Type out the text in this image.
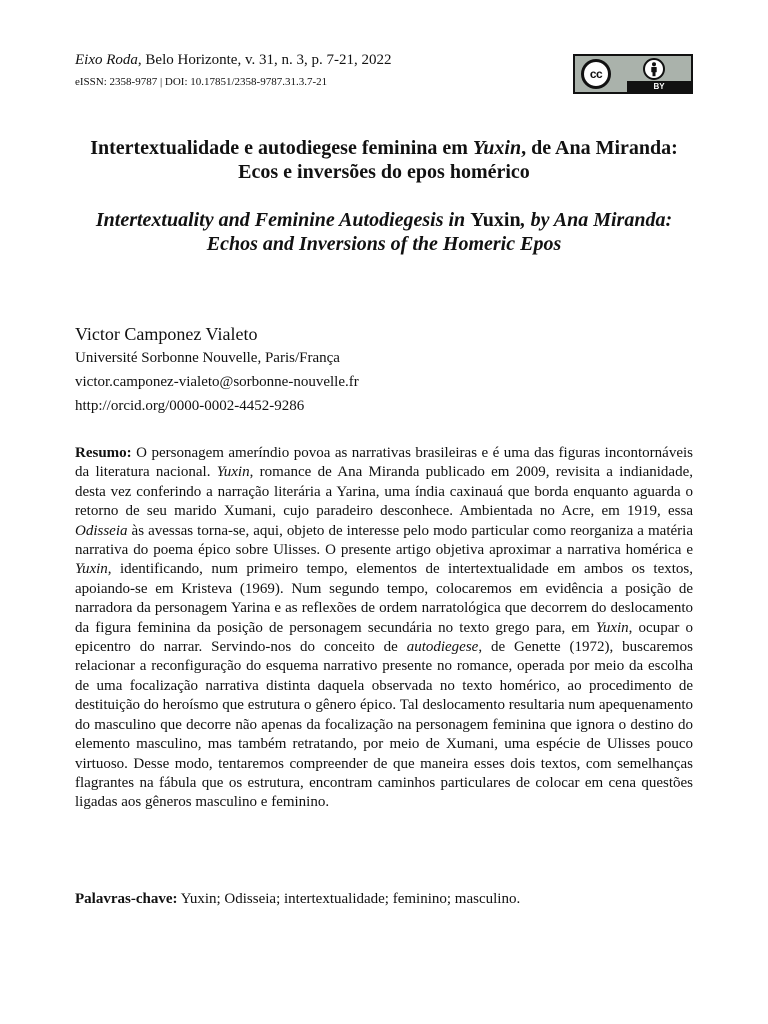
Eixo Roda, Belo Horizonte, v. 31, n. 3, p. 7-21, 2022
eISSN: 2358-9787 | DOI: 10.17851/2358-9787.31.3.7-21
cc
BY
Intertextualidade e autodiegese feminina em Yuxin, de Ana Miranda: Ecos e inversões do epos homérico
Intertextuality and Feminine Autodiegesis in Yuxin, by Ana Miranda: Echos and Inversions of the Homeric Epos
Victor Camponez Vialeto
Université Sorbonne Nouvelle, Paris/França
victor.camponez-vialeto@sorbonne-nouvelle.fr
http://orcid.org/0000-0002-4452-9286
Resumo: O personagem ameríndio povoa as narrativas brasileiras e é uma das figuras incontornáveis da literatura nacional. Yuxin, romance de Ana Miranda publicado em 2009, revisita a indianidade, desta vez conferindo a narração literária a Yarina, uma índia caxinauá que borda enquanto aguarda o retorno de seu marido Xumani, cujo paradeiro desconhece. Ambientada no Acre, em 1919, essa Odisseia às avessas torna-se, aqui, objeto de interesse pelo modo particular como reorganiza a matéria narrativa do poema épico sobre Ulisses. O presente artigo objetiva aproximar a narrativa homérica e Yuxin, identificando, num primeiro tempo, elementos de intertextualidade em ambos os textos, apoiando-se em Kristeva (1969). Num segundo tempo, colocaremos em evidência a posição de narradora da personagem Yarina e as reflexões de ordem narratológica que decorrem do deslocamento da figura feminina da posição de personagem secundária no texto grego para, em Yuxin, ocupar o epicentro do narrar. Servindo-nos do conceito de autodiegese, de Genette (1972), buscaremos relacionar a reconfiguração do esquema narrativo presente no romance, operada por meio da escolha de uma focalização narrativa distinta daquela observada no texto homérico, ao procedimento de destituição do heroísmo que estrutura o gênero épico. Tal deslocamento resultaria num apequenamento do masculino que decorre não apenas da focalização na personagem feminina que ignora o destino do elemento masculino, mas também retratando, por meio de Xumani, uma espécie de Ulisses pouco virtuoso. Desse modo, tentaremos compreender de que maneira esses dois textos, com semelhanças flagrantes na fábula que os estrutura, encontram caminhos particulares de colocar em cena questões ligadas aos gêneros masculino e feminino.
Palavras-chave: Yuxin; Odisseia; intertextualidade; feminino; masculino.
